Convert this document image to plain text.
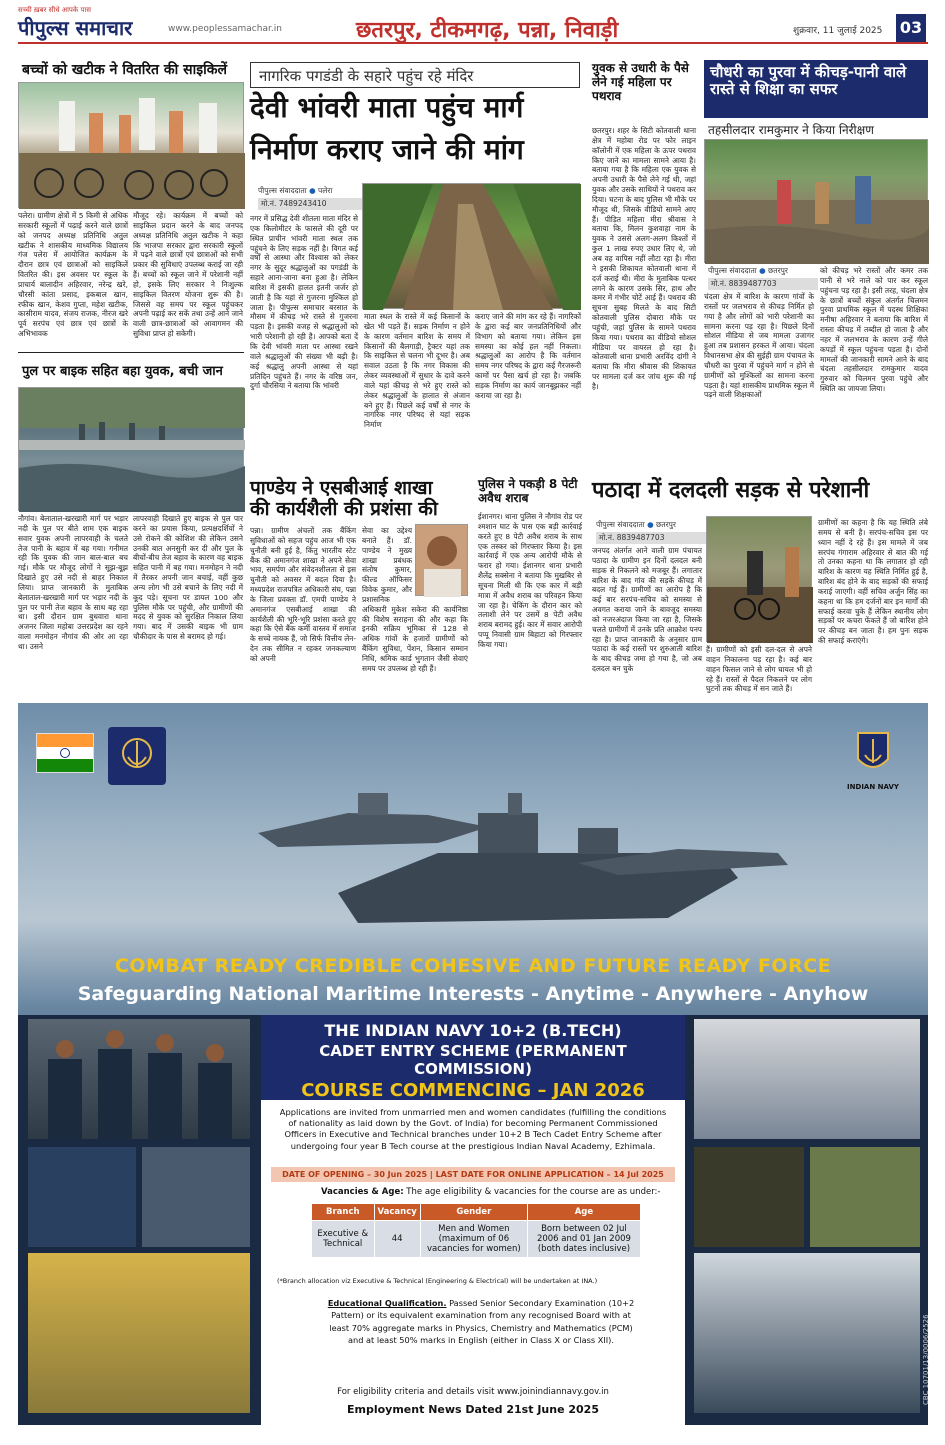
सच्ची ख़बर सीधे आपके पास
पीपुल्स समाचार	www.peoplessamachar.in	छतरपुर, टीकमगढ़, पन्ना, निवाड़ी	शुक्रवार, 11 जुलाई 2025 03
बच्चों को खटीक ने वितरित की साइकिलें
पलेरा। ग्रामीण क्षेत्रों में 5 किमी से अधिक सरकारी स्कूलों में पढ़ाई करने वाले छात्रों को जनपद अध्यक्ष प्रतिनिधि अतुल खटीक ने शासकीय माध्यमिक विद्यालय गंज पलेरा में आयोजित कार्यक्रम के दौरान छात्र एवं छात्राओं को साइकिलें वितरित की। इस अवसर पर स्कूल के प्राचार्य बालादीन अहिरवार, नरेन्द्र खरे, चौरसी कांता प्रसाद, इकबाल खान, रफीक खान, केशव गुप्ता, महेश खटीक, कासीराम यादव, संजय राजक, नीरज खरे पूर्व सरपंच एवं छात्र एवं छात्रों के अभिभावक
मौजूद रहे। कार्यक्रम में बच्चों को साइकिल प्रदान करने के बाद जनपद अध्यक्ष प्रतिनिधि अतुल खटीक ने कहा कि भाजपा सरकार द्वारा सरकारी स्कूलों में पढ़ने वाले छात्रों एवं छात्राओं को सभी प्रकार की सुविधाएं उपलब्ध कराई जा रही हैं। बच्चों को स्कूल जाने में परेशानी नहीं हो, इसके लिए सरकार ने निःशुल्क साइकिल वितरण योजना शुरू की है। जिससे वह समय पर स्कूल पहुंचकर अपनी पढ़ाई कर सकें तथा उन्हें आने जाने वाली छात्र-छात्राओं को आवागमन की सुविधा प्राप्त हो सकेगी।
पुल पर बाइक सहित बहा युवक, बची जान
नौगांव। बेलाताल-खरखारी मार्ग पर भड़ार नदी के पुल पर बीते शाम एक बाइक सवार युवक अपनी लापरवाही के चलते तेज पानी के बहाव में बह गया। गनीमत रही कि युवक की जान बाल-बाल बच गई। मौके पर मौजूद लोगों ने सूझ-बूझ दिखाते हुए उसे नदी से बाहर निकाल लिया। प्राप्त जानकारी के मुताबिक बेलाताल-खरखारी मार्ग पर भड़ार नदी के पुल पर पानी तेज बहाव के साथ बह रहा था। इसी दौरान ग्राम बुधवारा थाना अजनर जिला महोबा उत्तरप्रदेश का रहने वाला मनमोहन नौगांव की ओर आ रहा था। उसने
लापरवाही दिखाते हुए बाइक से पुल पार करने का प्रयास किया, प्रत्यक्षदर्शियों ने उसे रोकने की कोशिश की लेकिन उसने उनकी बात अनसुनी कर दी और पुल के बीचों-बीच तेज बहाव के कारण वह बाइक सहित पानी में बह गया। मनमोहन ने नदी में तैरकर अपनी जान बचाई, वहीं कुछ अन्य लोग भी उसे बचाने के लिए नदी में कूद पड़े। सूचना पर डायल 100 और पुलिस मौके पर पहुंची, और ग्रामीणों की मदद से युवक को सुरक्षित निकाल लिया गया। बाद में उसकी बाइक भी ग्राम चौकीदार के पास से बरामद हो गई।
नागरिक पगडंडी के सहारे पहुंच रहे मंदिर
देवी भांवरी माता पहुंच मार्ग
निर्माण कराए जाने की मांग
पीपुल्स संवाददाता ● पलेरा
मो.नं. 7489243410
नगर में प्रसिद्ध देवी शीतला माता मंदिर से एक किलोमीटर के फासले की दूरी पर स्थित प्राचीन भांवरी माता स्थल तक पहुंचने के लिए सड़क नहीं है। विगत कई वर्षों से आस्था और विश्वास को लेकर नगर के सुदूर श्रद्धालुओं का पगडंडी के सहारे आना-जाना बना हुआ है। लेकिन बारिश में इसकी हालत इतनी जर्जर हो जाती है कि यहां से गुजरना मुश्किल हो जाता है। पीपुल्स समाचार बरसात के मौसम में कीचड़ भरे रास्ते से गुजरना पड़ता है। इसकी वजह से श्रद्धालुओं को भारी परेशानी हो रही है। आपको बता दें कि देवी भांवरी माता पर आस्था रखने वाले श्रद्धालुओं की संख्या भी बढ़ी है। कई श्रद्धालु अपनी आस्था से यहां प्रतिदिन पहुंचते हैं। नगर के वरिष्ठ जन, दुर्गा चौरसिया ने बताया कि भांवरी
माता स्थल के रास्ते में कई किसानों के खेत भी पड़ते हैं। सड़क निर्माण न होने के कारण वर्तमान बारिश के समय में किसानों की बैलगाड़ी, ट्रैक्टर यहां तक कि साइकिल से चलना भी दूभर है। अब सवाल उठता है कि नगर विकास की लेकर व्यवस्थाओं में सुधार के दावे करने वाले यहां कीचड़ से भरे हुए रास्ते को लेकर श्रद्धालुओं के हालात से अंजान बने हुए हैं। पिछले कई वर्षों से नगर के नागरिक नगर परिषद से यहां सड़क निर्माण
कराए जाने की मांग कर रहे हैं। नागरिकों के द्वारा कई बार जनप्रतिनिधियों और विभाग को बताया गया। लेकिन इस समस्या का कोई हल नहीं निकला। श्रद्धालुओं का आरोप है कि वर्तमान समय नगर परिषद के द्वारा कई गैरजरूरी कामों पर पैसा खर्च हो रहा है। जबकि सड़क निर्माण का कार्य जानबूझकर नहीं कराया जा रहा है।
युवक से उधारी के पैसे लेने गई महिला पर पथराव
छतरपुर। शहर के सिटी कोतवाली थाना क्षेत्र में महोबा रोड पर फोर लाइन कॉलोनी में एक महिला के ऊपर पथराव किए जाने का मामला सामने आया है। बताया गया है कि महिला एक युवक से अपनी उधारी के पैसे लेने गई थी, जहां युवक और उसके साथियों ने पथराव कर दिया। घटना के बाद पुलिस भी मौके पर मौजूद थी, जिसके वीडियो सामने आए हैं। पीड़ित महिला मीरा श्रीवास ने बताया कि, मिलन कुशवाहा नाम के युवक ने उससे अलग-अलग किश्तों में कुल 1 लाख रुपए उधार लिए थे, जो अब वह वापिस नहीं लौटा रहा है। मीरा ने इसकी शिकायत कोतवाली थाना में दर्ज कराई थी। मीरा के मुताबिक पत्थर लगने के कारण उसके सिर, हाथ और कमर में गंभीर चोटें आई हैं। पथराव की सूचना सुबह मिलते के बाद सिटी कोतवाली पुलिस दोबारा मौके पर पहुंची, जहां पुलिस के सामने पथराव किया गया। पथराव का वीडियो सोशल मीडिया पर वायरल हो रहा है। कोतवाली थाना प्रभारी अरविंद दांगी ने बताया कि मीरा श्रीवास की शिकायत पर मामला दर्ज कर जांच शुरू की गई है।
चौधरी का पुरवा में कीचड़-पानी वाले रास्ते से शिक्षा का सफर
तहसीलदार रामकुमार ने किया निरीक्षण
पीपुल्स संवाददाता ● छतरपुर
मो.नं. 8839487703
चंदला क्षेत्र में बारिश के कारण गांवों के रास्तों पर जलभराव से कीचड़ निर्मित हो गया है और लोगों को भारी परेशानी का सामना करना पड़ रहा है। पिछले दिनों सोशल मीडिया से जब मामला उजागर हुआ तब प्रशासन हरकत में आया। चंदला विधानसभा क्षेत्र की सुईही ग्राम पंचायत के चौधरी का पुरवा में पहुंचने मार्ग न होने से ग्रामीणों को मुश्किलों का सामना करना पड़ता है। यहां शासकीय प्राथमिक स्कूल में पढ़ने वाली शिक्षकाओं
को कीचड़ भरे रास्तों और कमर तक पानी से भरे नाले को पार कर स्कूल पहुंचना पड़ रहा है। इसी तरह, चंदला क्षेत्र के छात्रों बच्चों संकुल अंतर्गत चिलमन पुरवा प्राथमिक स्कूल में पदस्थ शिक्षिका मनीषा अहिरवार ने बताया कि बारिश में रास्ता कीचड़ में तब्दील हो जाता है और नहर में जलभराव के कारण उन्हें गीले कपड़ों में स्कूल पहुंचना पड़ता है। दोनों मामलों की जानकारी सामने आने के बाद चंदला तहसीलदार रामकुमार यादव गुरुवार को चिलमन पुरवा पहुंचे और स्थिति का जायजा लिया।
पाण्डेय ने एसबीआई शाखा
की कार्यशैली की प्रशंसा की
पन्ना। ग्रामीण अंचलों तक बैंकिंग सुविधाओं को सहज पहुंच आज भी एक चुनौती बनी हुई है, किंतु भारतीय स्टेट बैंक की अमानगंज शाखा ने अपने सेवा भाव, समर्पण और संवेदनशीलता से इस चुनौती को अवसर में बदल दिया है। मध्यप्रदेश राजपत्रित अधिकारी संघ, पन्ना के जिला प्रवक्ता डॉ. एमपी पाण्डेय ने अमानगंज एसबीआई शाखा की कार्यशैली की भूरि-भूरि प्रशंसा करते हुए कहा कि ऐसे बैंक कर्मी वास्तव में समाज के सच्चे नायक हैं, जो सिर्फ वित्तीय लेन-देन तक सीमित न रहकर जनकल्याण को अपनी
सेवा का उद्देश्य बनाते हैं। डॉ. पाण्डेय ने मुख्य शाखा प्रबंधक संतोष कुमार, फील्ड ऑफिसर विवेक कुमार, और प्रशासनिक अधिकारी मुकेश सकेरा की कार्यनिष्ठा की विशेष सराहना की और कहा कि इनकी सक्रिय भूमिका से 128 से अधिक गांवों के हजारों ग्रामीणों को बैंकिंग सुविधा, पेंशन, किसान सम्मान निधि, श्रमिक कार्ड भुगतान जैसी सेवाएं समय पर उपलब्ध हो रही हैं।
पुलिस ने पकड़ी 8 पेटी अवैध शराब
ईशानगर। थाना पुलिस ने नौगांव रोड पर श्मशान घाट के पास एक बड़ी कार्रवाई करते हुए 8 पेटी अवैध शराब के साथ एक तस्कर को गिरफ्तार किया है। इस कार्रवाई में एक अन्य आरोपी मौके से फरार हो गया। ईशानगर थाना प्रभारी शैलेंद्र सक्सेना ने बताया कि मुखबिर से सूचना मिली थी कि एक कार में बड़ी मात्रा में अवैध शराब का परिवहन किया जा रहा है। चेकिंग के दौरान कार को तलाशी लेने पर उसमें 8 पेटी अवैध शराब बरामद हुई। कार में सवार आरोपी पप्पू निवासी ग्राम बिहाटा को गिरफ्तार किया गया।
पठादा में दलदली सड़क से परेशानी
पीपुल्स संवाददाता ● छतरपुर
मो.नं. 8839487703
जनपद अंतर्गत आने वाली ग्राम पंचायत पठादा के ग्रामीण इन दिनों दलदल बनी सड़क से निकलने को मजबूर हैं। लगातार बारिश के बाद गांव की सड़कें कीचड़ में बदल गई हैं। ग्रामीणों का आरोप है कि कई बार सरपंच-सचिव को समस्या से अवगत कराया जाने के बावजूद समस्या को नजरअंदाज किया जा रहा है, जिसके चलते ग्रामीणों में उनके प्रति आक्रोश पनप रहा है। प्राप्त जानकारी के अनुसार ग्राम पठादा के कई रास्तों पर शुरुआती बारिश के बाद कीचड़ जमा हो गया है, जो अब दलदल बन चुके
हैं। ग्रामीणों को इसी दल-दल से अपने वाहन निकालना पड़ रहा है। कई बार वाहन फिसल जाने से लोग घायल भी हो रहे हैं। रास्तों से पैदल निकलने पर लोग घुटनों तक कीचड़ में सन जाते हैं।
ग्रामीणों का कहना है कि यह स्थिति लंबे समय से बनी है। सरपंच-सचिव इस पर ध्यान नहीं दे रहे हैं। इस मामले में जब सरपंच गंगाराम अहिरवार से बात की गई तो उनका कहना था कि लगातार हो रही बारिश के कारण यह स्थिति निर्मित हुई है, बारिश बंद होने के बाद सड़कों की सफाई कराई जाएगी। वहीं सचिव अर्जुन सिंह का कहना था कि हम दर्जनों बार इन मार्गों की सफाई करवा चुके हैं लेकिन स्थानीय लोग सड़कों पर कचरा फेंकते हैं जो बारिश होने पर कीचड़ बन जाता है। हम पुनः सड़क की सफाई कराएंगे।
INDIAN NAVY
COMBAT READY CREDIBLE COHESIVE AND FUTURE READY FORCE
Safeguarding National Maritime Interests - Anytime - Anywhere - Anyhow
CBC 10701/13/0006/2526
THE INDIAN NAVY 10+2 (B.TECH)
CADET ENTRY SCHEME (PERMANENT COMMISSION)
COURSE COMMENCING – JAN 2026
Applications are invited from unmarried men and women candidates (fulfilling the conditions of nationality as laid down by the Govt. of India) for becoming Permanent Commissioned Officers in Executive and Technical branches under 10+2 B Tech Cadet Entry Scheme after undergoing four year B Tech course at the prestigious Indian Naval Academy, Ezhimala.
DATE OF OPENING – 30 Jun 2025 | LAST DATE FOR ONLINE APPLICATION – 14 Jul 2025
Vacancies & Age: The age eligibility & vacancies for the course are as under:-
Branch	Vacancy	Gender	Age
Executive & Technical	44	Men and Women (maximum of 06 vacancies for women)	Born between 02 Jul 2006 and 01 Jan 2009 (both dates inclusive)
(*Branch allocation viz Executive & Technical (Engineering & Electrical) will be undertaken at INA.)
Educational Qualification. Passed Senior Secondary Examination (10+2 Pattern) or its equivalent examination from any recognised Board with at least 70% aggregate marks in Physics, Chemistry and Mathematics (PCM) and at least 50% marks in English (either in Class X or Class XII).
For eligibility criteria and details visit www.joinindiannavy.gov.in
Employment News Dated 21st June 2025
